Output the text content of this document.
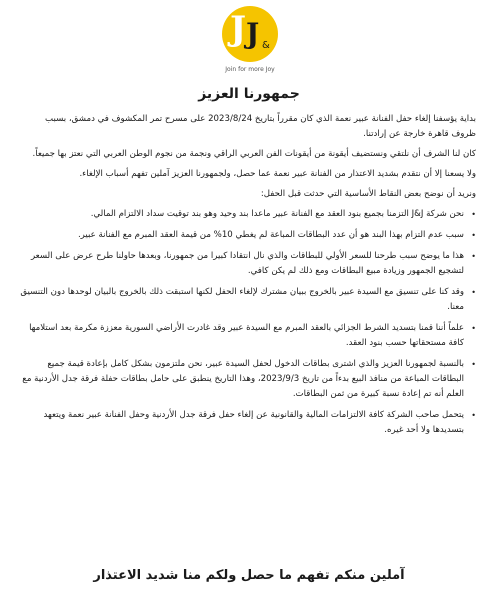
J J &
Join for more Joy
جمهورنا العزيز

بداية يؤسفنا إلغاء حفل الفنانة عبير نعمة الذي كان مقرراً بتاريخ 2023/8/24 على مسرح تمر المكشوف في دمشق، بسبب ظروف قاهرة خارجة عن إرادتنا.

كان لنا الشرف أن نلتقي ونستضيف أيقونة من أيقونات الفن العربي الراقي ونجمة من نجوم الوطن العربي التي نعتز بها جميعاً.

ولا يسعنا إلا أن نتقدم بشديد الاعتذار من الفنانة عبير نعمة عما حصل، ولجمهورنا العزيز آملين تفهم أسباب الإلغاء.

ونريد أن نوضح بعض النقاط الأساسية التي حدثت قبل الحفل:

•
نحن شركة J&J التزمنا بجميع بنود العقد مع الفنانة عبير ماعدا بند وحيد وهو بند توقيت سداد الالتزام المالي.
•
سبب عدم التزام بهذا البند هو أن عدد البطاقات المباعة لم يغطي 10% من قيمة العقد المبرم مع الفنانة عبير.
•
هذا ما يوضح سبب طرحنا للسعر الأولي للبطاقات والذي نال انتقادا كبيرا من جمهورنا، وبعدها حاولنا طرح عرض على السعر لتشجيع الجمهور وزيادة مبيع البطاقات ومع ذلك لم يكن كافي.
•
وقد كنا على تنسيق مع السيدة عبير بالخروج ببيان مشترك لإلغاء الحفل لكنها استبقت ذلك بالخروج بالبيان لوحدها دون التنسيق معنا.
•
علماً أننا قمنا بتسديد الشرط الجزائي بالعقد المبرم مع السيدة عبير وقد غادرت الأراضي السورية معززة مكرمة بعد استلامها كافة مستحقاتها حسب بنود العقد.
•
بالنسبة لجمهورنا العزيز والذي اشترى بطاقات الدخول لحفل السيدة عبير، نحن ملتزمون بشكل كامل بإعادة قيمة جميع البطاقات المباعة من منافذ البيع بدءاً من تاريخ 2023/9/3، وهذا التاريخ ينطبق على حامل بطاقات حفلة فرقة جدل الأردنية مع العلم أنه تم إعادة نسبة كبيرة من ثمن البطاقات.
•
يتحمل صاحب الشركة كافة الالتزامات المالية والقانونية عن إلغاء حفل فرقة جدل الأردنية وحفل الفنانة عبير نعمة ويتعهد بتسديدها ولا أحد غيره.
آملين منكم تفهم ما حصل ولكم منا شديد الاعتذار
